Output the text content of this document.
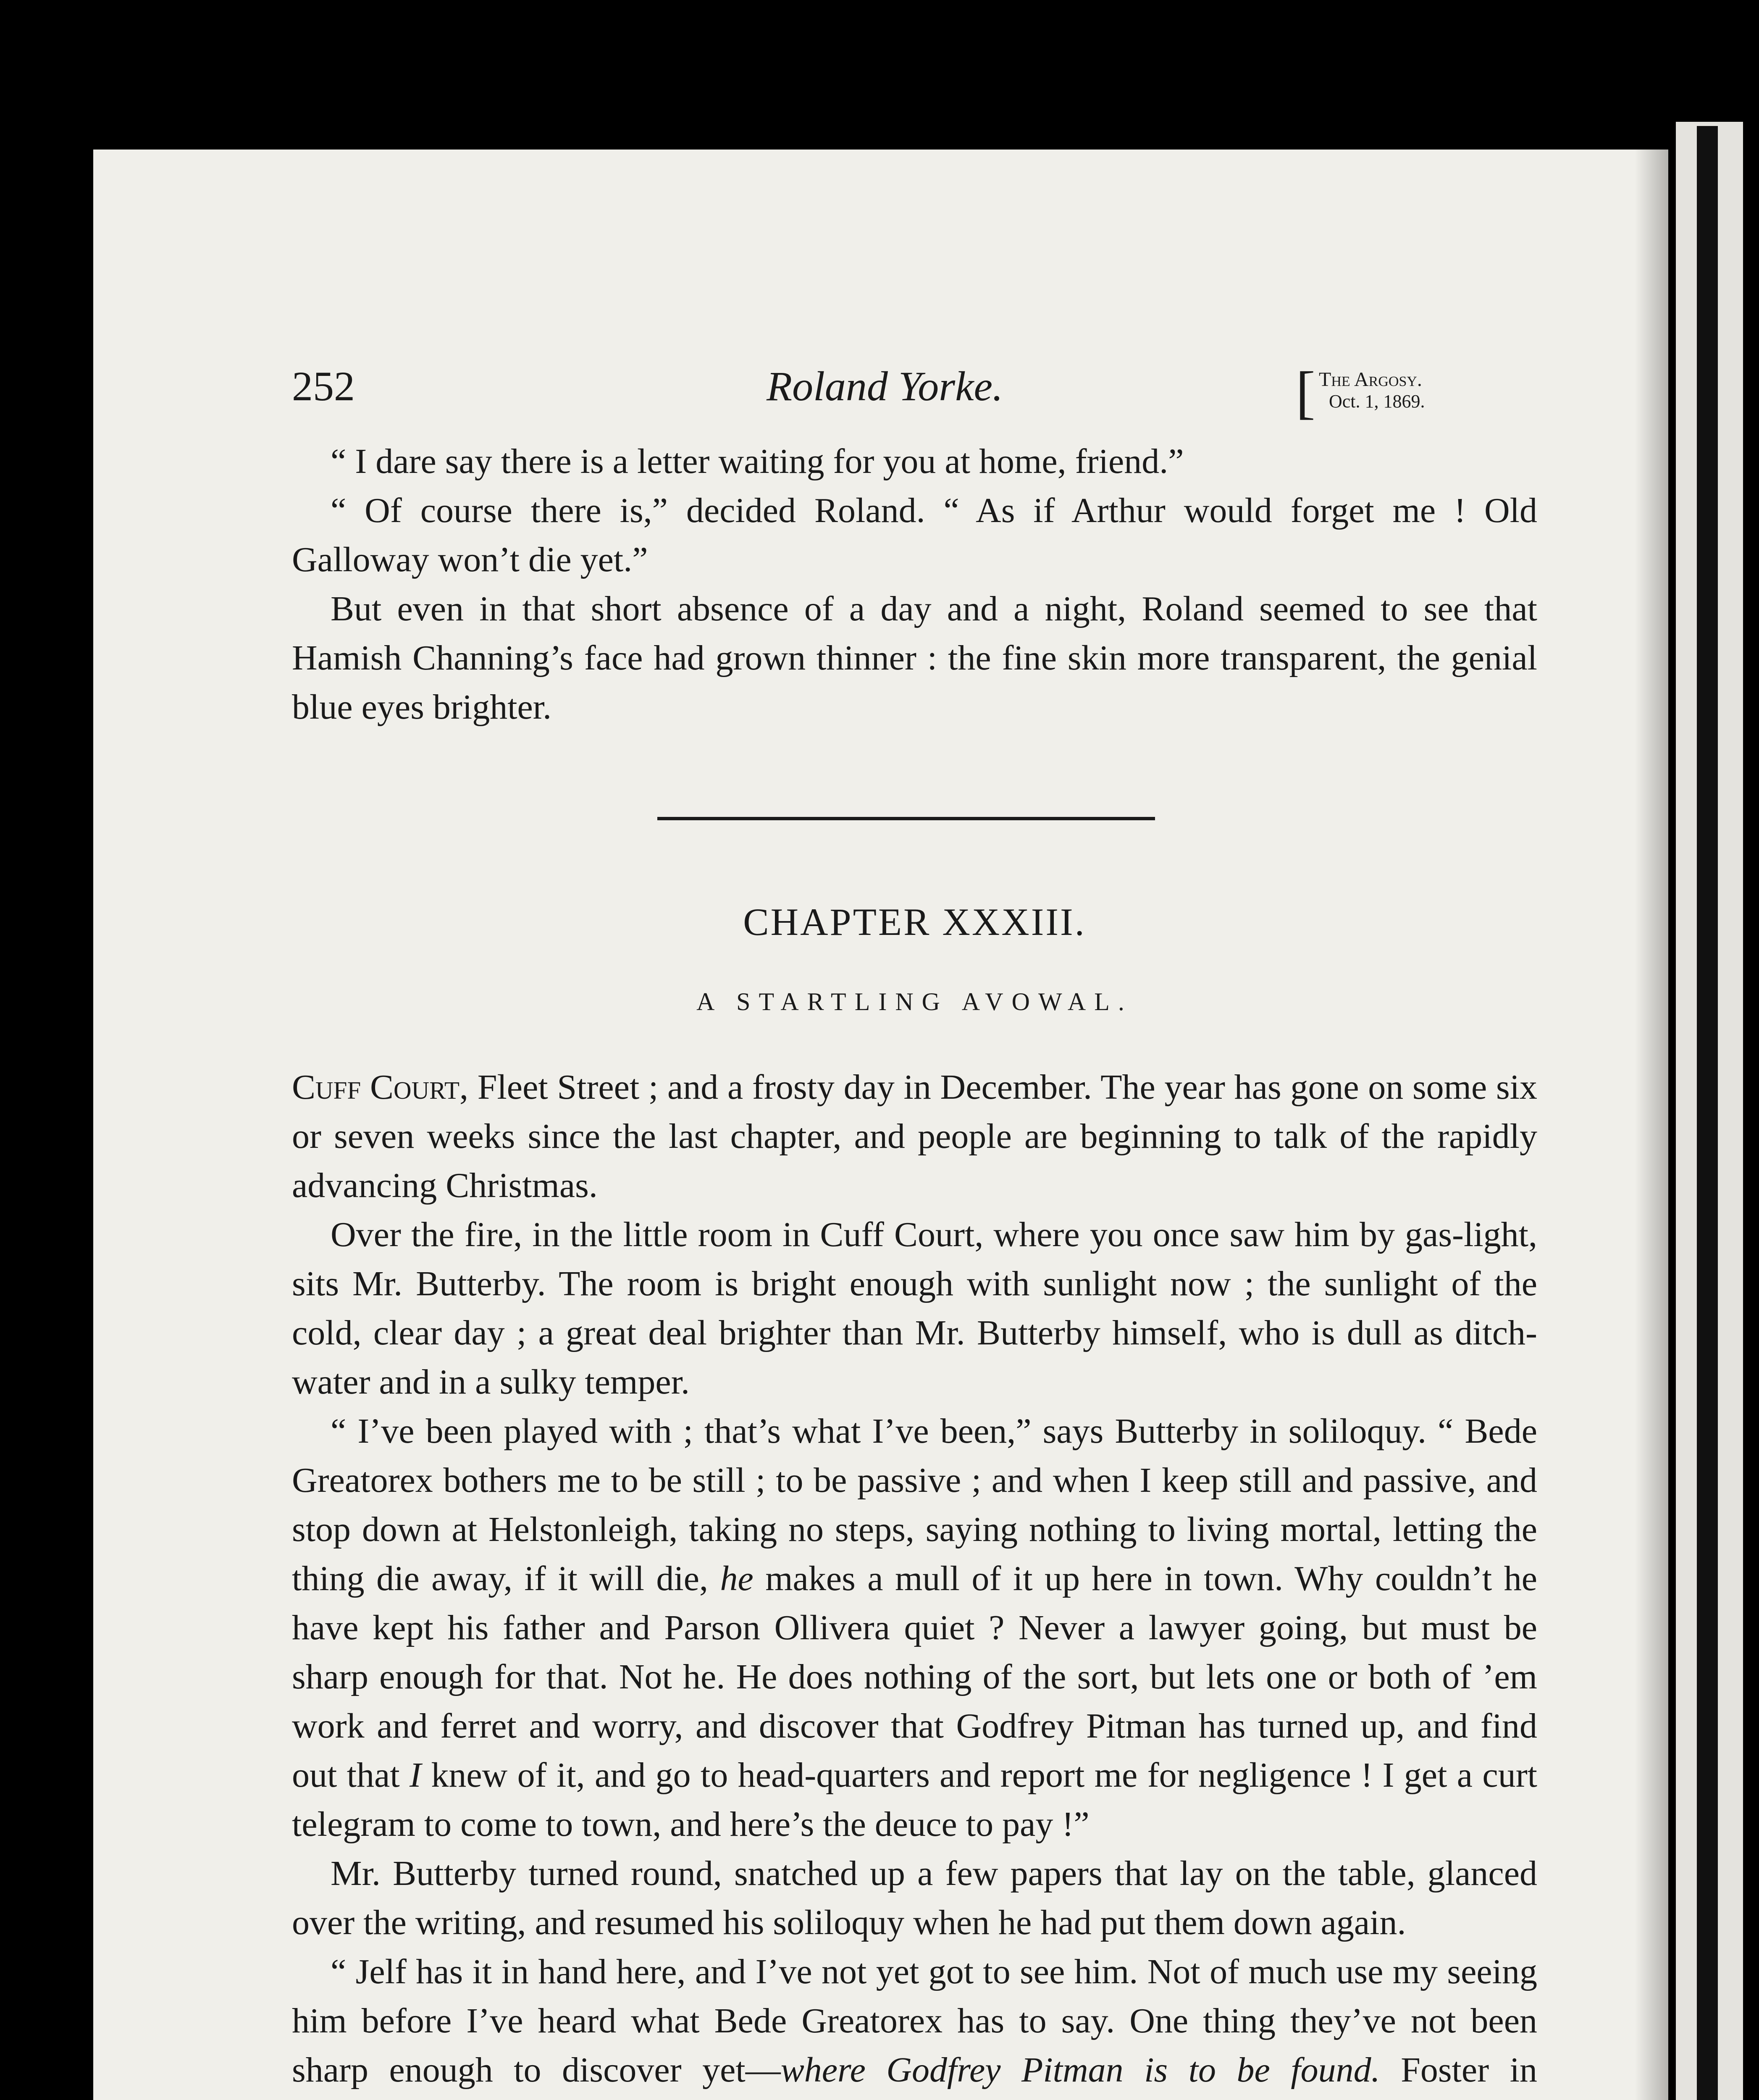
252	Roland Yorke.	[ The Argosy.
Oct. 1, 1869.

“ I dare say there is a letter waiting for you at home, friend.”

“ Of course there is,” decided Roland. “ As if Arthur would forget me ! Old Galloway won’t die yet.”

But even in that short absence of a day and a night, Roland seemed to see that Hamish Channing’s face had grown thinner : the fine skin more transparent, the genial blue eyes brighter.

CHAPTER XXXIII.
A STARTLING AVOWAL.

Cuff Court, Fleet Street ; and a frosty day in December. The year has gone on some six or seven weeks since the last chapter, and people are beginning to talk of the rapidly advancing Christmas.

Over the fire, in the little room in Cuff Court, where you once saw him by gas-light, sits Mr. Butterby. The room is bright enough with sunlight now ; the sunlight of the cold, clear day ; a great deal brighter than Mr. Butterby himself, who is dull as ditch-water and in a sulky temper.

“ I’ve been played with ; that’s what I’ve been,” says Butterby in soliloquy. “ Bede Greatorex bothers me to be still ; to be passive ; and when I keep still and passive, and stop down at Helstonleigh, taking no steps, saying nothing to living mortal, letting the thing die away, if it will die, he makes a mull of it up here in town. Why couldn’t he have kept his father and Parson Ollivera quiet ? Never a lawyer going, but must be sharp enough for that. Not he. He does nothing of the sort, but lets one or both of ’em work and ferret and worry, and discover that Godfrey Pitman has turned up, and find out that I knew of it, and go to head-quarters and report me for negligence ! I get a curt telegram to come to town, and here’s the deuce to pay !”

Mr. Butterby turned round, snatched up a few papers that lay on the table, glanced over the writing, and resumed his soliloquy when he had put them down again.

“ Jelf has it in hand here, and I’ve not yet got to see him. Not of much use my seeing him before I’ve heard what Bede Greatorex has to say. One thing they’ve not been sharp enough to discover yet—where Godfrey Pitman is to be found. Foster in
